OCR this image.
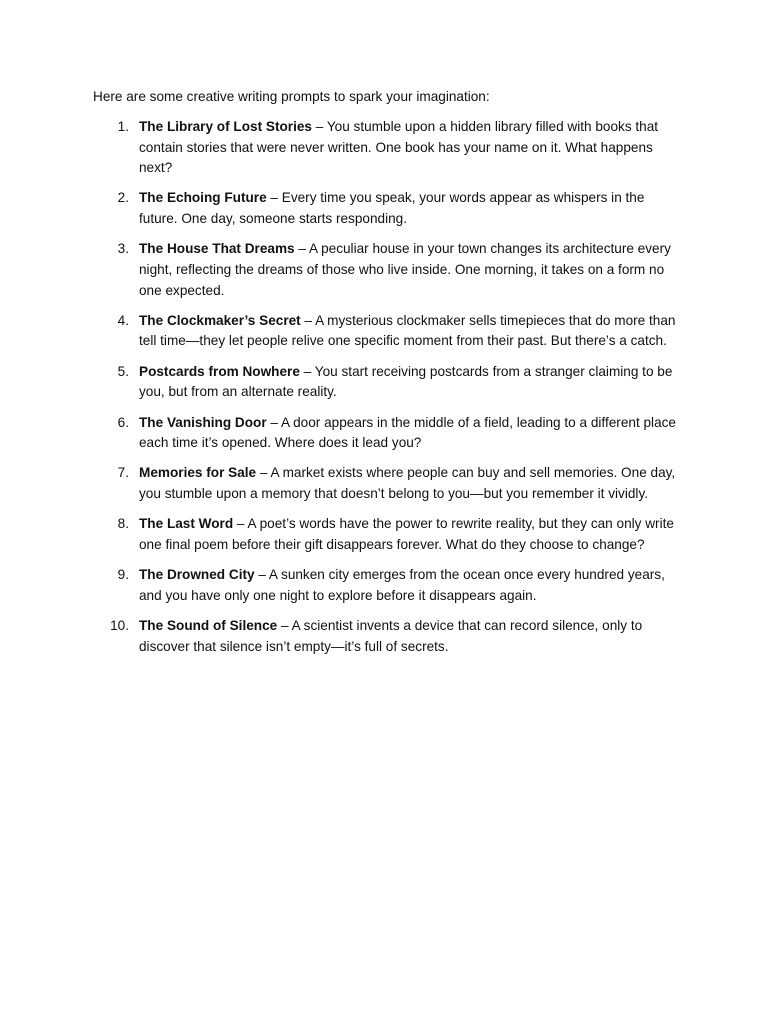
Here are some creative writing prompts to spark your imagination:

1. The Library of Lost Stories – You stumble upon a hidden library filled with books that contain stories that were never written. One book has your name on it. What happens next?
2. The Echoing Future – Every time you speak, your words appear as whispers in the future. One day, someone starts responding.
3. The House That Dreams – A peculiar house in your town changes its architecture every night, reflecting the dreams of those who live inside. One morning, it takes on a form no one expected.
4. The Clockmaker’s Secret – A mysterious clockmaker sells timepieces that do more than tell time—they let people relive one specific moment from their past. But there’s a catch.
5. Postcards from Nowhere – You start receiving postcards from a stranger claiming to be you, but from an alternate reality.
6. The Vanishing Door – A door appears in the middle of a field, leading to a different place each time it’s opened. Where does it lead you?
7. Memories for Sale – A market exists where people can buy and sell memories. One day, you stumble upon a memory that doesn’t belong to you—but you remember it vividly.
8. The Last Word – A poet’s words have the power to rewrite reality, but they can only write one final poem before their gift disappears forever. What do they choose to change?
9. The Drowned City – A sunken city emerges from the ocean once every hundred years, and you have only one night to explore before it disappears again.
10. The Sound of Silence – A scientist invents a device that can record silence, only to discover that silence isn’t empty—it’s full of secrets.
